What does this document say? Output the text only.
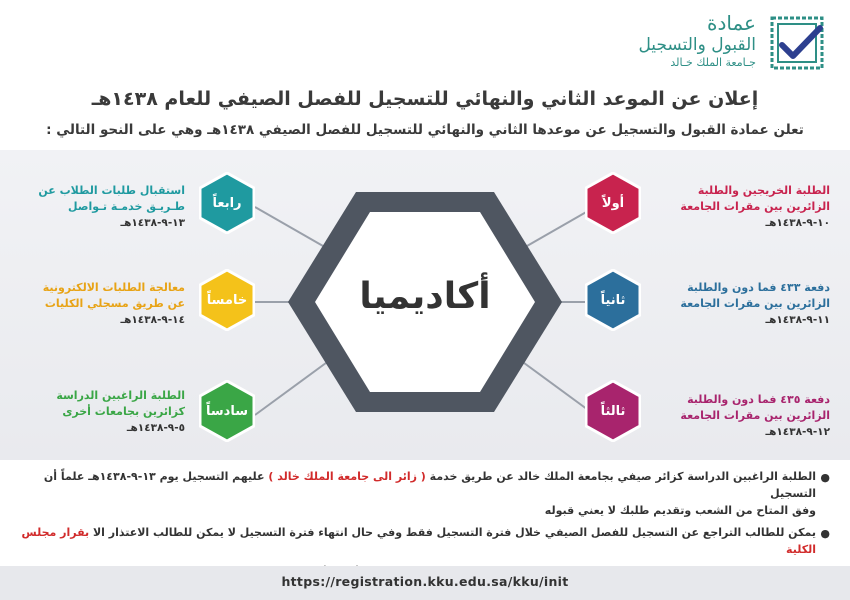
عمادة
القبول والتسجيل
جـامعة الملك خـالد
إعلان عن الموعد الثاني والنهائي للتسجيل للفصل الصيفي للعام ١٤٣٨هـ
تعلن عمادة القبول والتسجيل عن موعدها الثاني والنهائي للتسجيل للفصل الصيفي ١٤٣٨هـ وهي على النحو التالي :
أكاديميا
أولاً
ثانياً
ثالثاً
رابعاً
خامساً
سادساً
الطلبة الخريجين والطلبة
الزائرين بين مقرات الجامعة
١٠-٩-١٤٣٨هـ
دفعة ٤٣٣ فما دون والطلبة
الزائرين بين مقرات الجامعة
١١-٩-١٤٣٨هـ
دفعة ٤٣٥ فما دون والطلبة
الزائرين بين مقرات الجامعة
١٢-٩-١٤٣٨هـ
استقبال طلبات الطلاب عن
طـريـق خدمـة تـواصل
١٣-٩-١٤٣٨هـ
معالجة الطلبات الالكترونية
عن طريق مسجلي الكليات
١٤-٩-١٤٣٨هـ
الطلبة الراغبين الدراسة
كزائرين بجامعات أخرى
٥-٩-١٤٣٨هـ
●
الطلبة الراغبين الدراسة كزائر صيفي بجامعة الملك خالد عن طريق خدمة ( زائر الى جامعة الملك خالد ) عليهم التسجيل يوم ١٣-٩-١٤٣٨هـ علماً أن التسجيل
وفق المتاح من الشعب وتقديم طلبك لا يعني قبوله
●
يمكن للطالب التراجع عن التسجيل للفصل الصيفي خلال فترة التسجيل فقط وفي حال انتهاء فترة التسجيل لا يمكن للطالب الاعتذار الا بقرار مجلس الكلية
https://registration.kku.edu.sa/kku/init
